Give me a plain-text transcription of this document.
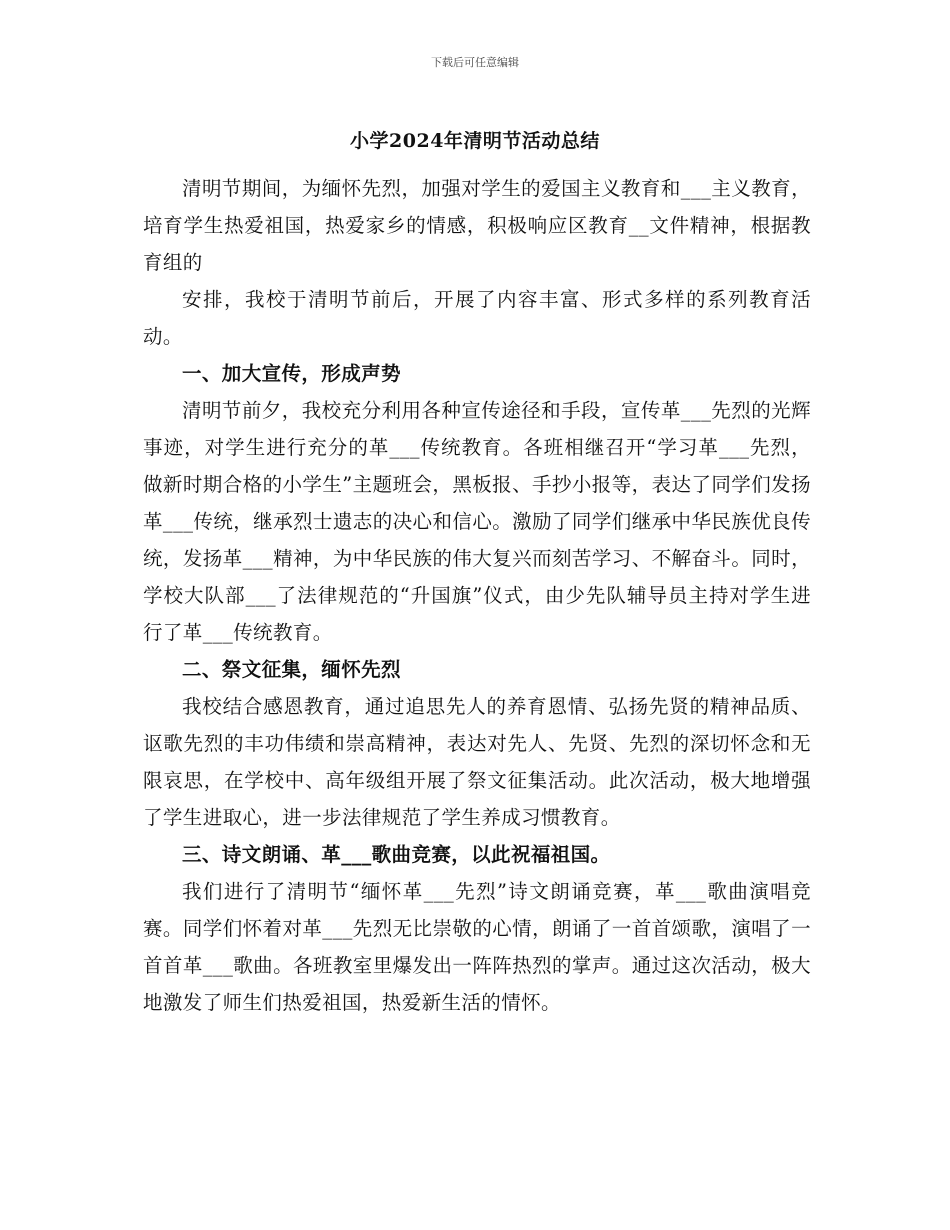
下载后可任意编辑
小学2024年清明节活动总结

清明节期间，为缅怀先烈，加强对学生的爱国主义教育和___主义教育，培育学生热爱祖国，热爱家乡的情感，积极响应区教育__文件精神，根据教育组的

安排，我校于清明节前后，开展了内容丰富、形式多样的系列教育活动。

一、加大宣传，形成声势

清明节前夕，我校充分利用各种宣传途径和手段，宣传革___先烈的光辉事迹，对学生进行充分的革___传统教育。各班相继召开“学习革___先烈，做新时期合格的小学生”主题班会，黑板报、手抄小报等，表达了同学们发扬革___传统，继承烈士遗志的决心和信心。激励了同学们继承中华民族优良传统，发扬革___精神，为中华民族的伟大复兴而刻苦学习、不解奋斗。同时，学校大队部___了法律规范的“升国旗”仪式，由少先队辅导员主持对学生进行了革___传统教育。

二、祭文征集，缅怀先烈

我校结合感恩教育，通过追思先人的养育恩情、弘扬先贤的精神品质、讴歌先烈的丰功伟绩和崇高精神，表达对先人、先贤、先烈的深切怀念和无限哀思，在学校中、高年级组开展了祭文征集活动。此次活动，极大地增强了学生进取心，进一步法律规范了学生养成习惯教育。

三、诗文朗诵、革___歌曲竞赛，以此祝福祖国。

我们进行了清明节“缅怀革___先烈”诗文朗诵竞赛，革___歌曲演唱竞赛。同学们怀着对革___先烈无比崇敬的心情，朗诵了一首首颂歌，演唱了一首首革___歌曲。各班教室里爆发出一阵阵热烈的掌声。通过这次活动，极大地激发了师生们热爱祖国，热爱新生活的情怀。
